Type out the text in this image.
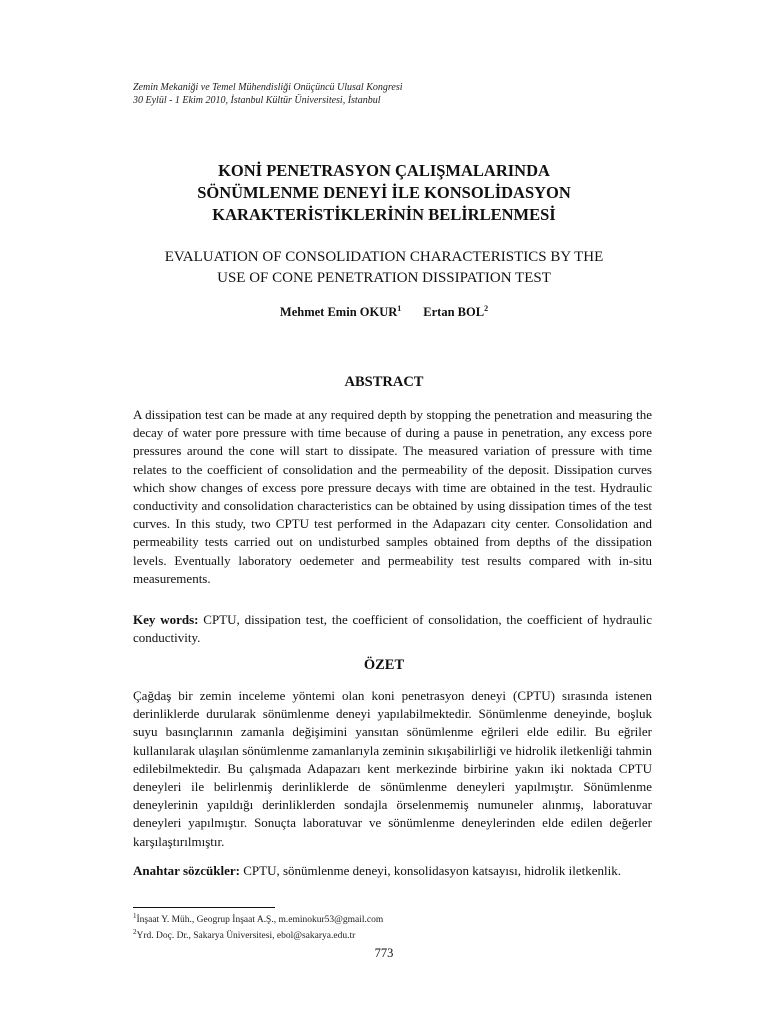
Zemin Mekaniği ve Temel Mühendisliği Onüçüncü Ulusal Kongresi
30 Eylül - 1 Ekim 2010, İstanbul Kültür Üniversitesi, İstanbul
KONİ PENETRASYON ÇALIŞMALARINDA
SÖNÜMLENME DENEYİ İLE KONSOLİDASYON
KARAKTERİSTİKLERİNİN BELİRLENMESİ
EVALUATION OF CONSOLIDATION CHARACTERISTICS BY THE
USE OF CONE PENETRATION DISSIPATION TEST
Mehmet Emin OKUR$^1$ Ertan BOL$^2$
ABSTRACT
A dissipation test can be made at any required depth by stopping the penetration and measuring the decay of water pore pressure with time because of during a pause in penetration, any excess pore pressures around the cone will start to dissipate. The measured variation of pressure with time relates to the coefficient of consolidation and the permeability of the deposit. Dissipation curves which show changes of excess pore pressure decays with time are obtained in the test. Hydraulic conductivity and consolidation characteristics can be obtained by using dissipation times of the test curves. In this study, two CPTU test performed in the Adapazarı city center. Consolidation and permeability tests carried out on undisturbed samples obtained from depths of the dissipation levels. Eventually laboratory oedemeter and permeability test results compared with in-situ measurements.
Key words: CPTU, dissipation test, the coefficient of consolidation, the coefficient of hydraulic conductivity.
ÖZET
Çağdaş bir zemin inceleme yöntemi olan koni penetrasyon deneyi (CPTU) sırasında istenen derinliklerde durularak sönümlenme deneyi yapılabilmektedir. Sönümlenme deneyinde, boşluk suyu basınçlarının zamanla değişimini yansıtan sönümlenme eğrileri elde edilir. Bu eğriler kullanılarak ulaşılan sönümlenme zamanlarıyla zeminin sıkışabilirliği ve hidrolik iletkenliği tahmin edilebilmektedir. Bu çalışmada Adapazarı kent merkezinde birbirine yakın iki noktada CPTU deneyleri ile belirlenmiş derinliklerde de sönümlenme deneyleri yapılmıştır. Sönümlenme deneylerinin yapıldığı derinliklerden sondajla örselenmemiş numuneler alınmış, laboratuvar deneyleri yapılmıştır. Sonuçta laboratuvar ve sönümlenme deneylerinden elde edilen değerler karşılaştırılmıştır.
Anahtar sözcükler: CPTU, sönümlenme deneyi, konsolidasyon katsayısı, hidrolik iletkenlik.
$^1$İnşaat Y. Müh., Geogrup İnşaat A.Ş., m.eminokur53@gmail.com
$^2$Yrd. Doç. Dr., Sakarya Üniversitesi, ebol@sakarya.edu.tr
773
